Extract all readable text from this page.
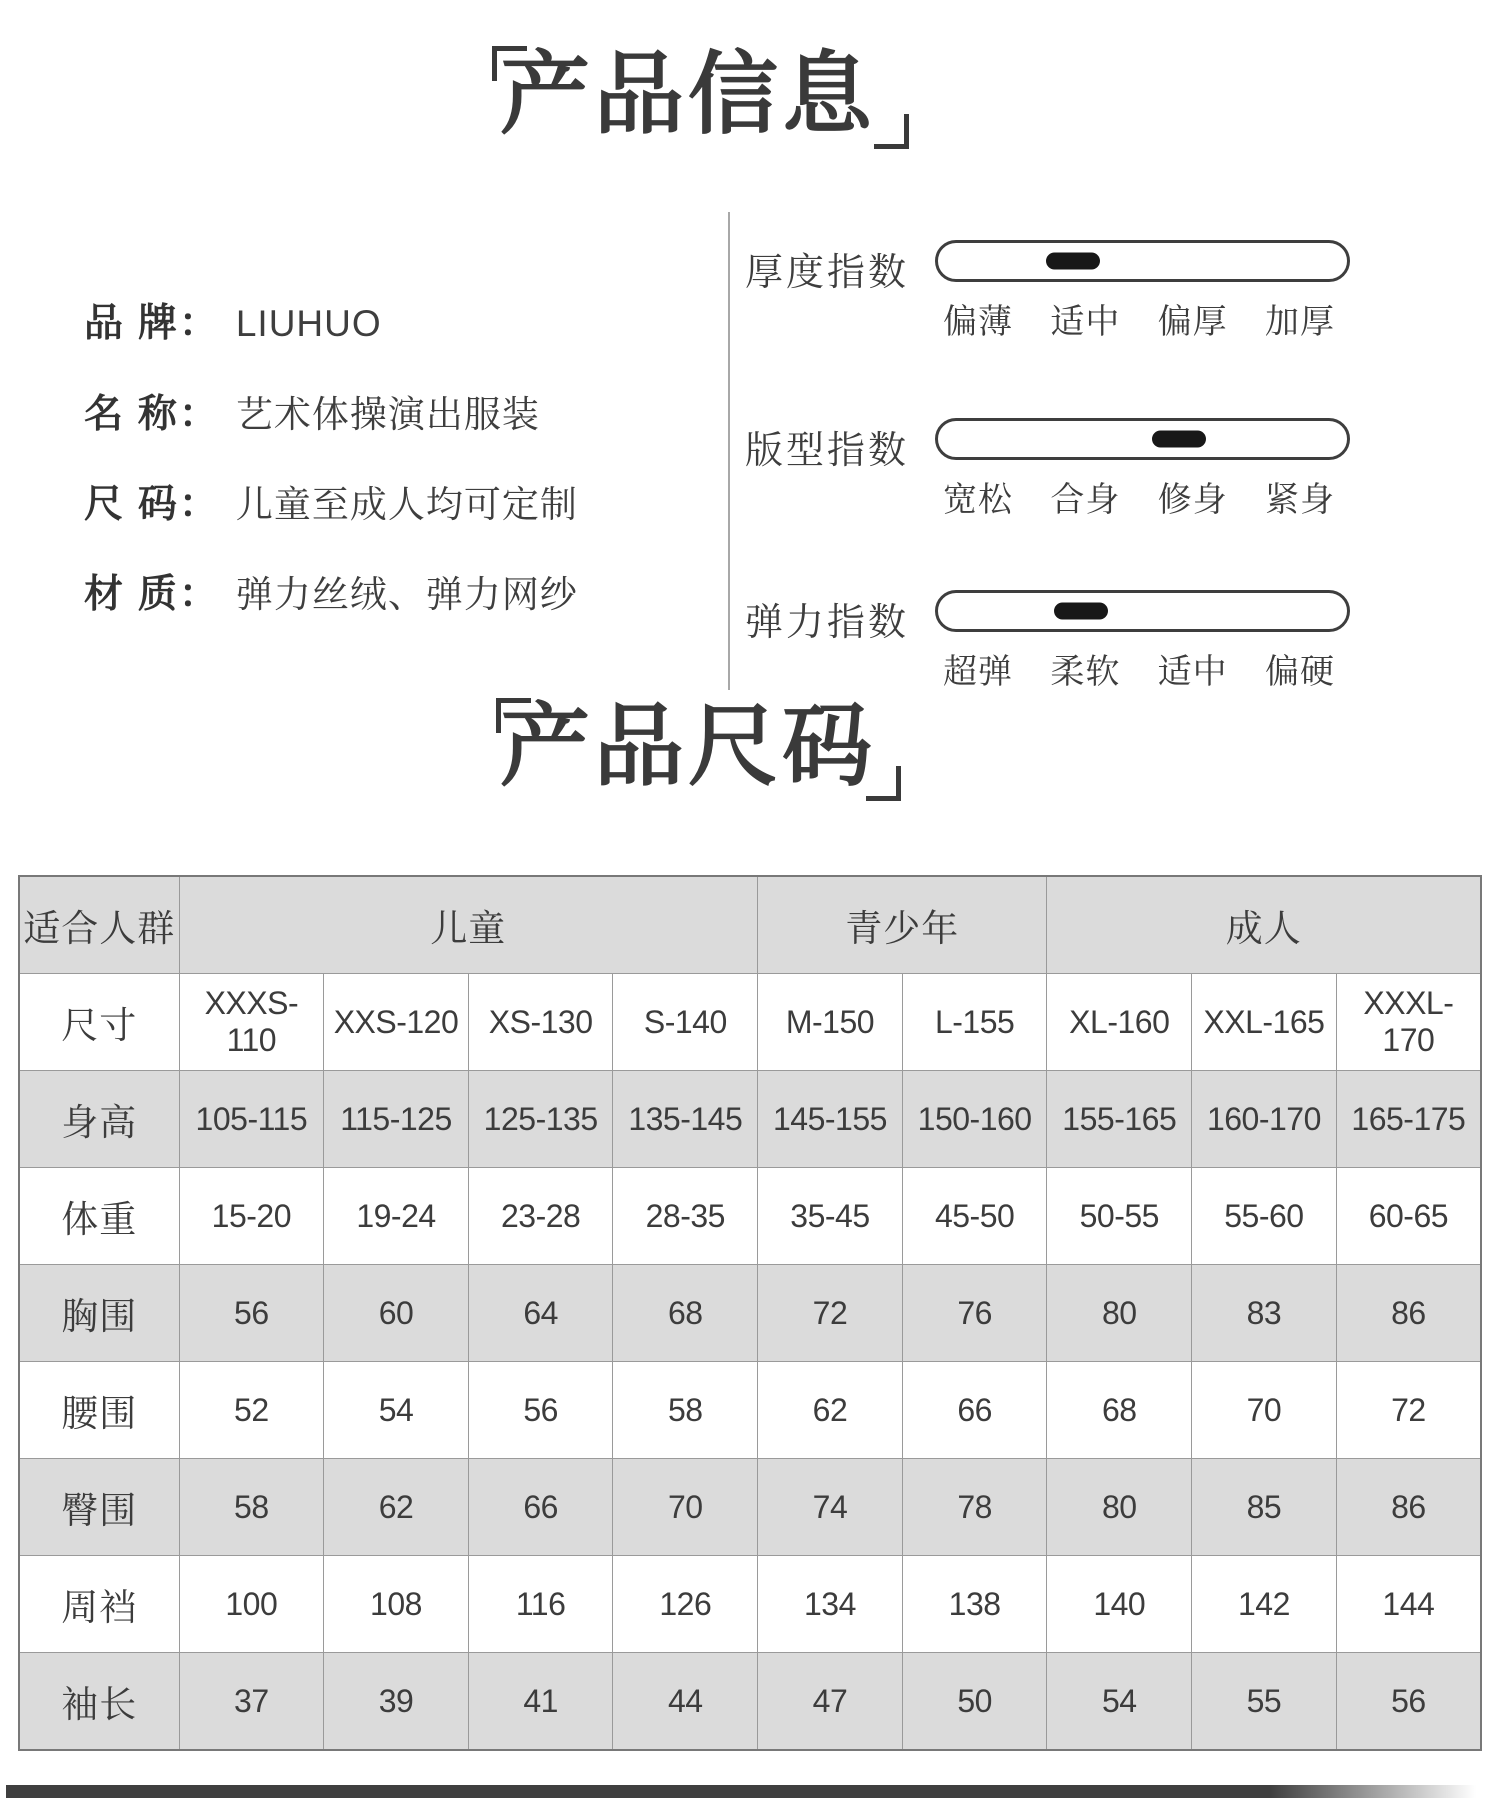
产品信息
品 牌： LIUHUO
名 称： 艺术体操演出服装
尺 码： 儿童至成人均可定制
材 质： 弹力丝绒、弹力网纱
厚度指数
偏薄 适中 偏厚 加厚
版型指数
宽松 合身 修身 紧身
弹力指数
超弹 柔软 适中 偏硬
产品尺码
适合人群	儿童				青少年		成人		
尺寸	XXXS-110	XXS-120	XS-130	S-140	M-150	L-155	XL-160	XXL-165	XXXL-170
身高	105-115	115-125	125-135	135-145	145-155	150-160	155-165	160-170	165-175
体重	15-20	19-24	23-28	28-35	35-45	45-50	50-55	55-60	60-65
胸围	56	60	64	68	72	76	80	83	86
腰围	52	54	56	58	62	66	68	70	72
臀围	58	62	66	70	74	78	80	85	86
周裆	100	108	116	126	134	138	140	142	144
袖长	37	39	41	44	47	50	54	55	56
